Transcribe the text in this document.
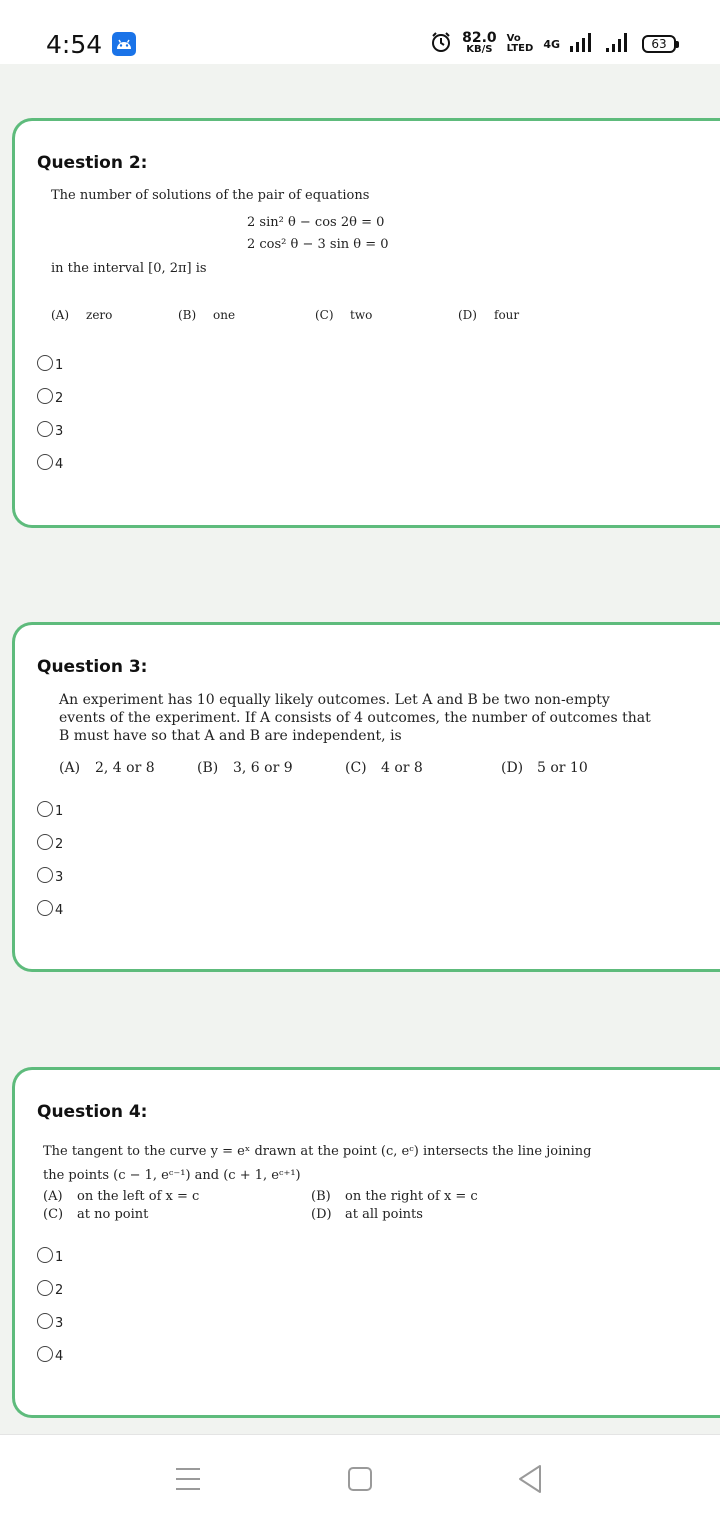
4:54	82.0
KB/S
Vo
LTED 4G	63
Question 2:
The number of solutions of the pair of equations
2 sin² θ − cos 2θ = 0
2 cos² θ − 3 sin θ = 0
in the interval [0, 2π] is
(A) zero	(B) one	(C) two	(D) four
1
2
3
4
Question 3:
An experiment has 10 equally likely outcomes. Let A and B be two non-empty
events of the experiment. If A consists of 4 outcomes, the number of outcomes that
B must have so that A and B are independent, is
(A) 2, 4 or 8	(B) 3, 6 or 9	(C) 4 or 8	(D) 5 or 10
1
2
3
4
Question 4:
The tangent to the curve y = eˣ drawn at the point (c, eᶜ) intersects the line joining
the points (c − 1, eᶜ⁻¹) and (c + 1, eᶜ⁺¹)
(A) on the left of x = c	(B) on the right of x = c
(C) at no point	(D) at all points
1
2
3
4
